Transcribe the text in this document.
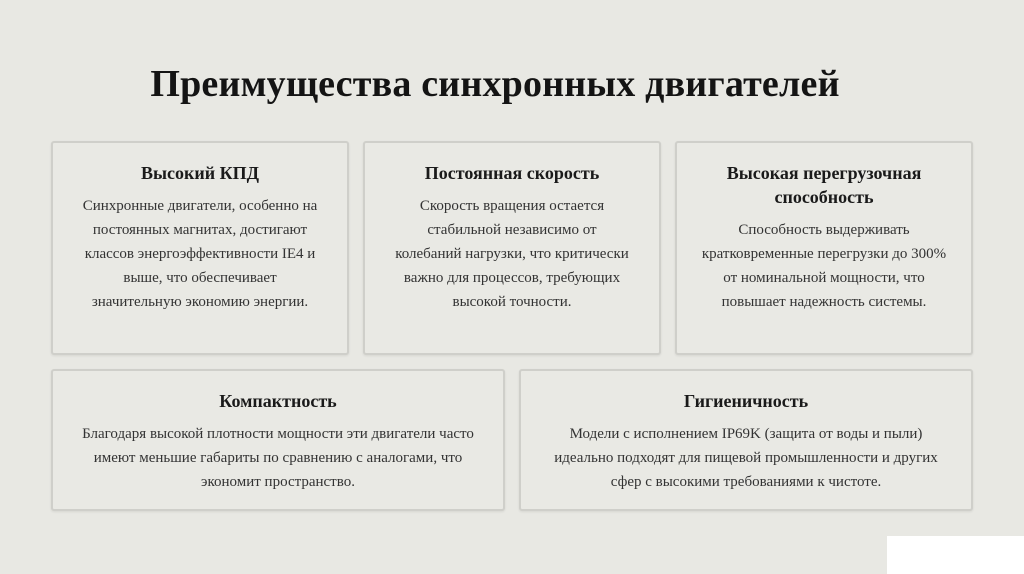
Преимущества синхронных двигателей
Высокий КПД
Синхронные двигатели, особенно на постоянных магнитах, достигают классов энергоэффективности IE4 и выше, что обеспечивает значительную экономию энергии.
Постоянная скорость
Скорость вращения остается стабильной независимо от колебаний нагрузки, что критически важно для процессов, требующих высокой точности.
Высокая перегрузочная способность
Способность выдерживать кратковременные перегрузки до 300% от номинальной мощности, что повышает надежность системы.
Компактность
Благодаря высокой плотности мощности эти двигатели часто имеют меньшие габариты по сравнению с аналогами, что экономит пространство.
Гигиеничность
Модели с исполнением IP69K (защита от воды и пыли) идеально подходят для пищевой промышленности и других сфер с высокими требованиями к чистоте.
